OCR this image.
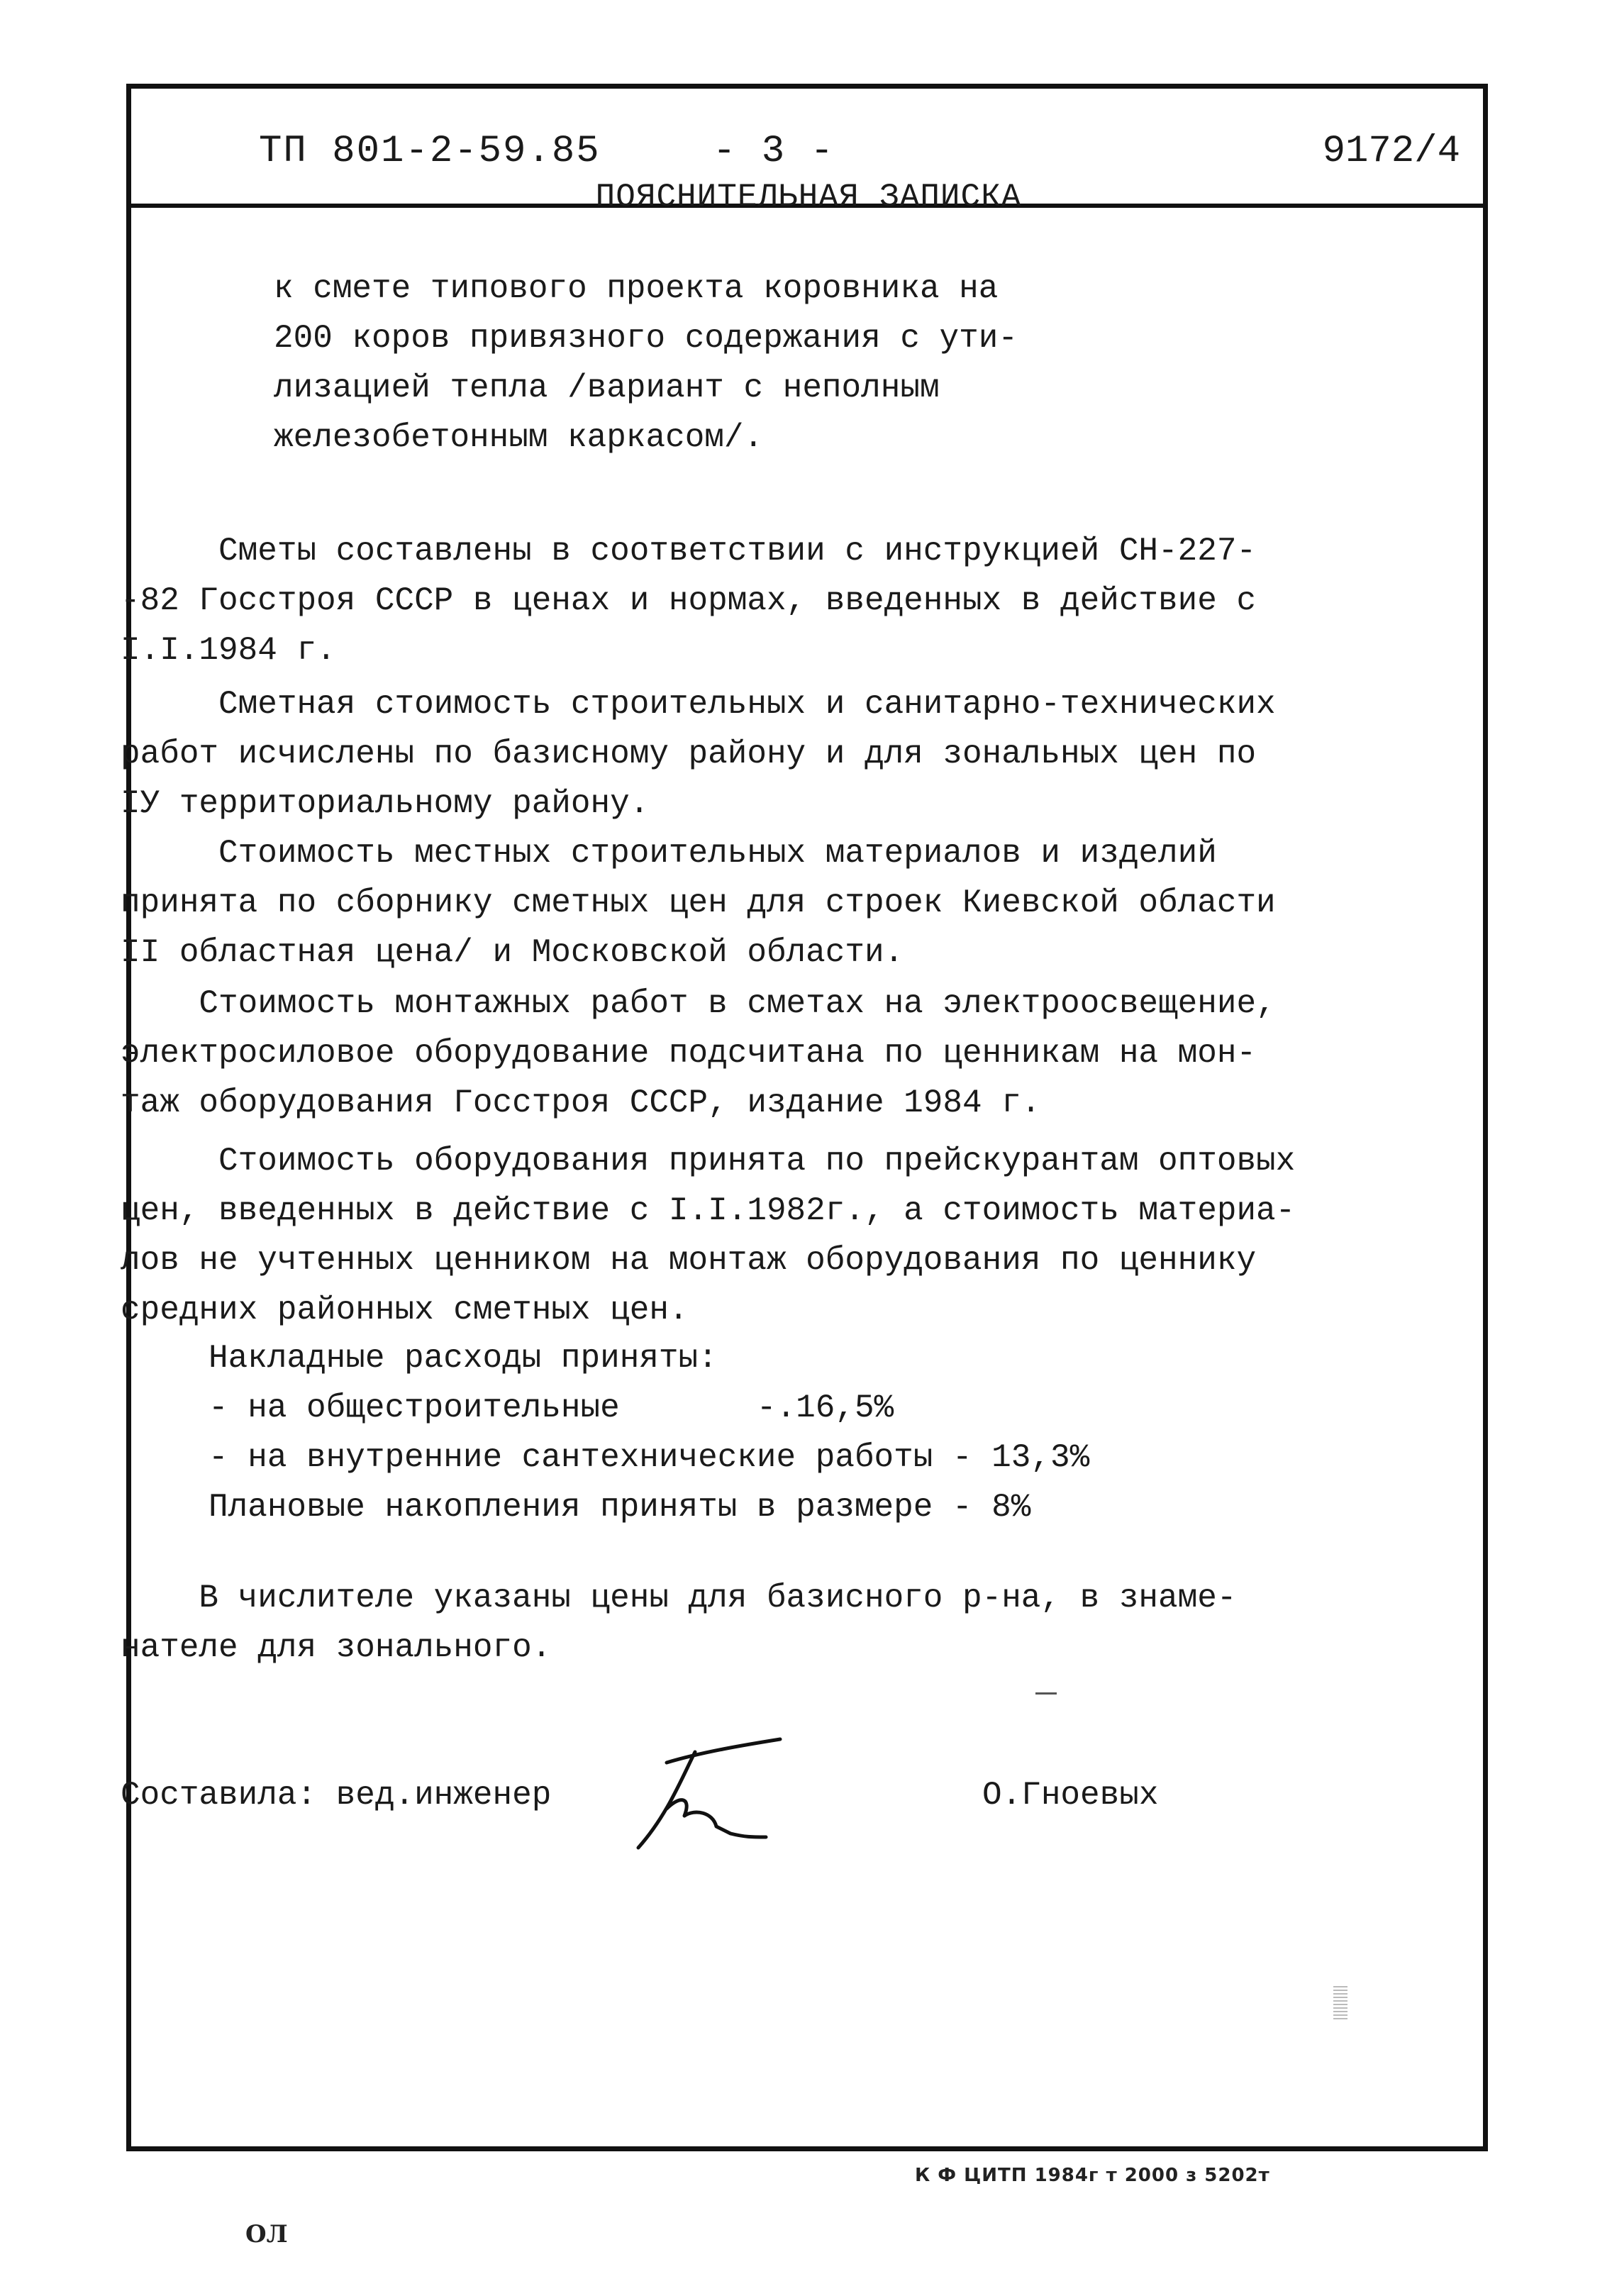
ТП 801-2-59.85	- 3 -	9172/4
ПОЯСНИТЕЛЬНАЯ ЗАПИСКА
к смете типового проекта коровника на
200 коров привязного содержания с ути-
лизацией тепла /вариант с неполным
железобетонным каркасом/.
Сметы составлены в соответствии с инструкцией СН-227-
-82 Госстроя СССР в ценах и нормах, введенных в действие с
I.I.1984 г.
Сметная стоимость строительных и санитарно-технических
работ исчислены по базисному району и для зональных цен по
IУ территориальному району.
Стоимость местных строительных материалов и изделий
принята по сборнику сметных цен для строек Киевской области
II областная цена/ и Московской области.
Стоимость монтажных работ в сметах на электроосвещение,
электросиловое оборудование подсчитана по ценникам на мон-
таж оборудования Госстроя СССР, издание 1984 г.
Стоимость оборудования принята по прейскурантам оптовых
цен, введенных в действие с I.I.1982г., а стоимость материа-
лов не учтенных ценником на монтаж оборудования по ценнику
средних районных сметных цен.
Накладные расходы приняты:
- на общестроительные       -.16,5%
- на внутренние сантехнические работы - 13,3%
Плановые накопления приняты в размере - 8%
В числителе указаны цены для базисного р-на, в знаме-
нателе для зонального.
Составила: вед.инженер	О.Гноевых
К Ф ЦИТП 1984г т 2000 з 5202т
ОЛ
